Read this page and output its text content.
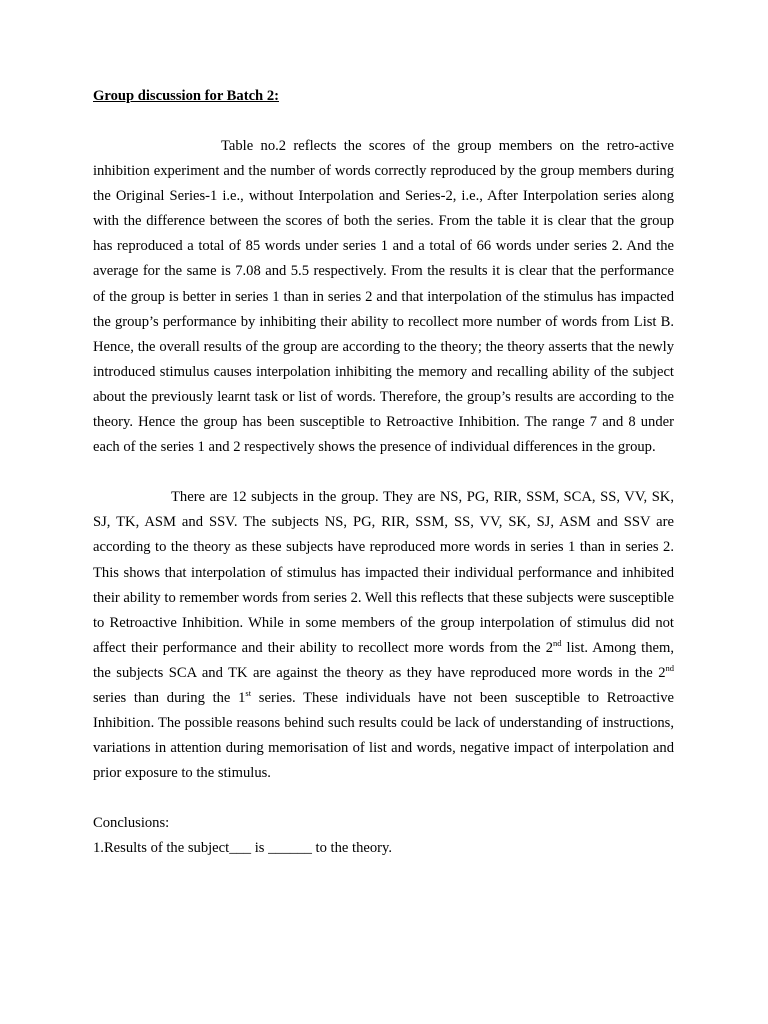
Group discussion for Batch 2:

Table no.2 reflects the scores of the group members on the retro-active inhibition experiment and the number of words correctly reproduced by the group members during the Original Series-1 i.e., without Interpolation and Series-2, i.e., After Interpolation series along with the difference between the scores of both the series. From the table it is clear that the group has reproduced a total of 85 words under series 1 and a total of 66 words under series 2. And the average for the same is 7.08 and 5.5 respectively. From the results it is clear that the performance of the group is better in series 1 than in series 2 and that interpolation of the stimulus has impacted the group’s performance by inhibiting their ability to recollect more number of words from List B. Hence, the overall results of the group are according to the theory; the theory asserts that the newly introduced stimulus causes interpolation inhibiting the memory and recalling ability of the subject about the previously learnt task or list of words. Therefore, the group’s results are according to the theory. Hence the group has been susceptible to Retroactive Inhibition. The range 7 and 8 under each of the series 1 and 2 respectively shows the presence of individual differences in the group.

There are 12 subjects in the group. They are NS, PG, RIR, SSM, SCA, SS, VV, SK, SJ, TK, ASM and SSV. The subjects NS, PG, RIR, SSM, SS, VV, SK, SJ, ASM and SSV are according to the theory as these subjects have reproduced more words in series 1 than in series 2. This shows that interpolation of stimulus has impacted their individual performance and inhibited their ability to remember words from series 2. Well this reflects that these subjects were susceptible to Retroactive Inhibition. While in some members of the group interpolation of stimulus did not affect their performance and their ability to recollect more words from the 2nd list. Among them, the subjects SCA and TK are against the theory as they have reproduced more words in the 2nd series than during the 1st series. These individuals have not been susceptible to Retroactive Inhibition. The possible reasons behind such results could be lack of understanding of instructions, variations in attention during memorisation of list and words, negative impact of interpolation and prior exposure to the stimulus.

Conclusions:
1.Results of the subject___ is ______ to the theory.
